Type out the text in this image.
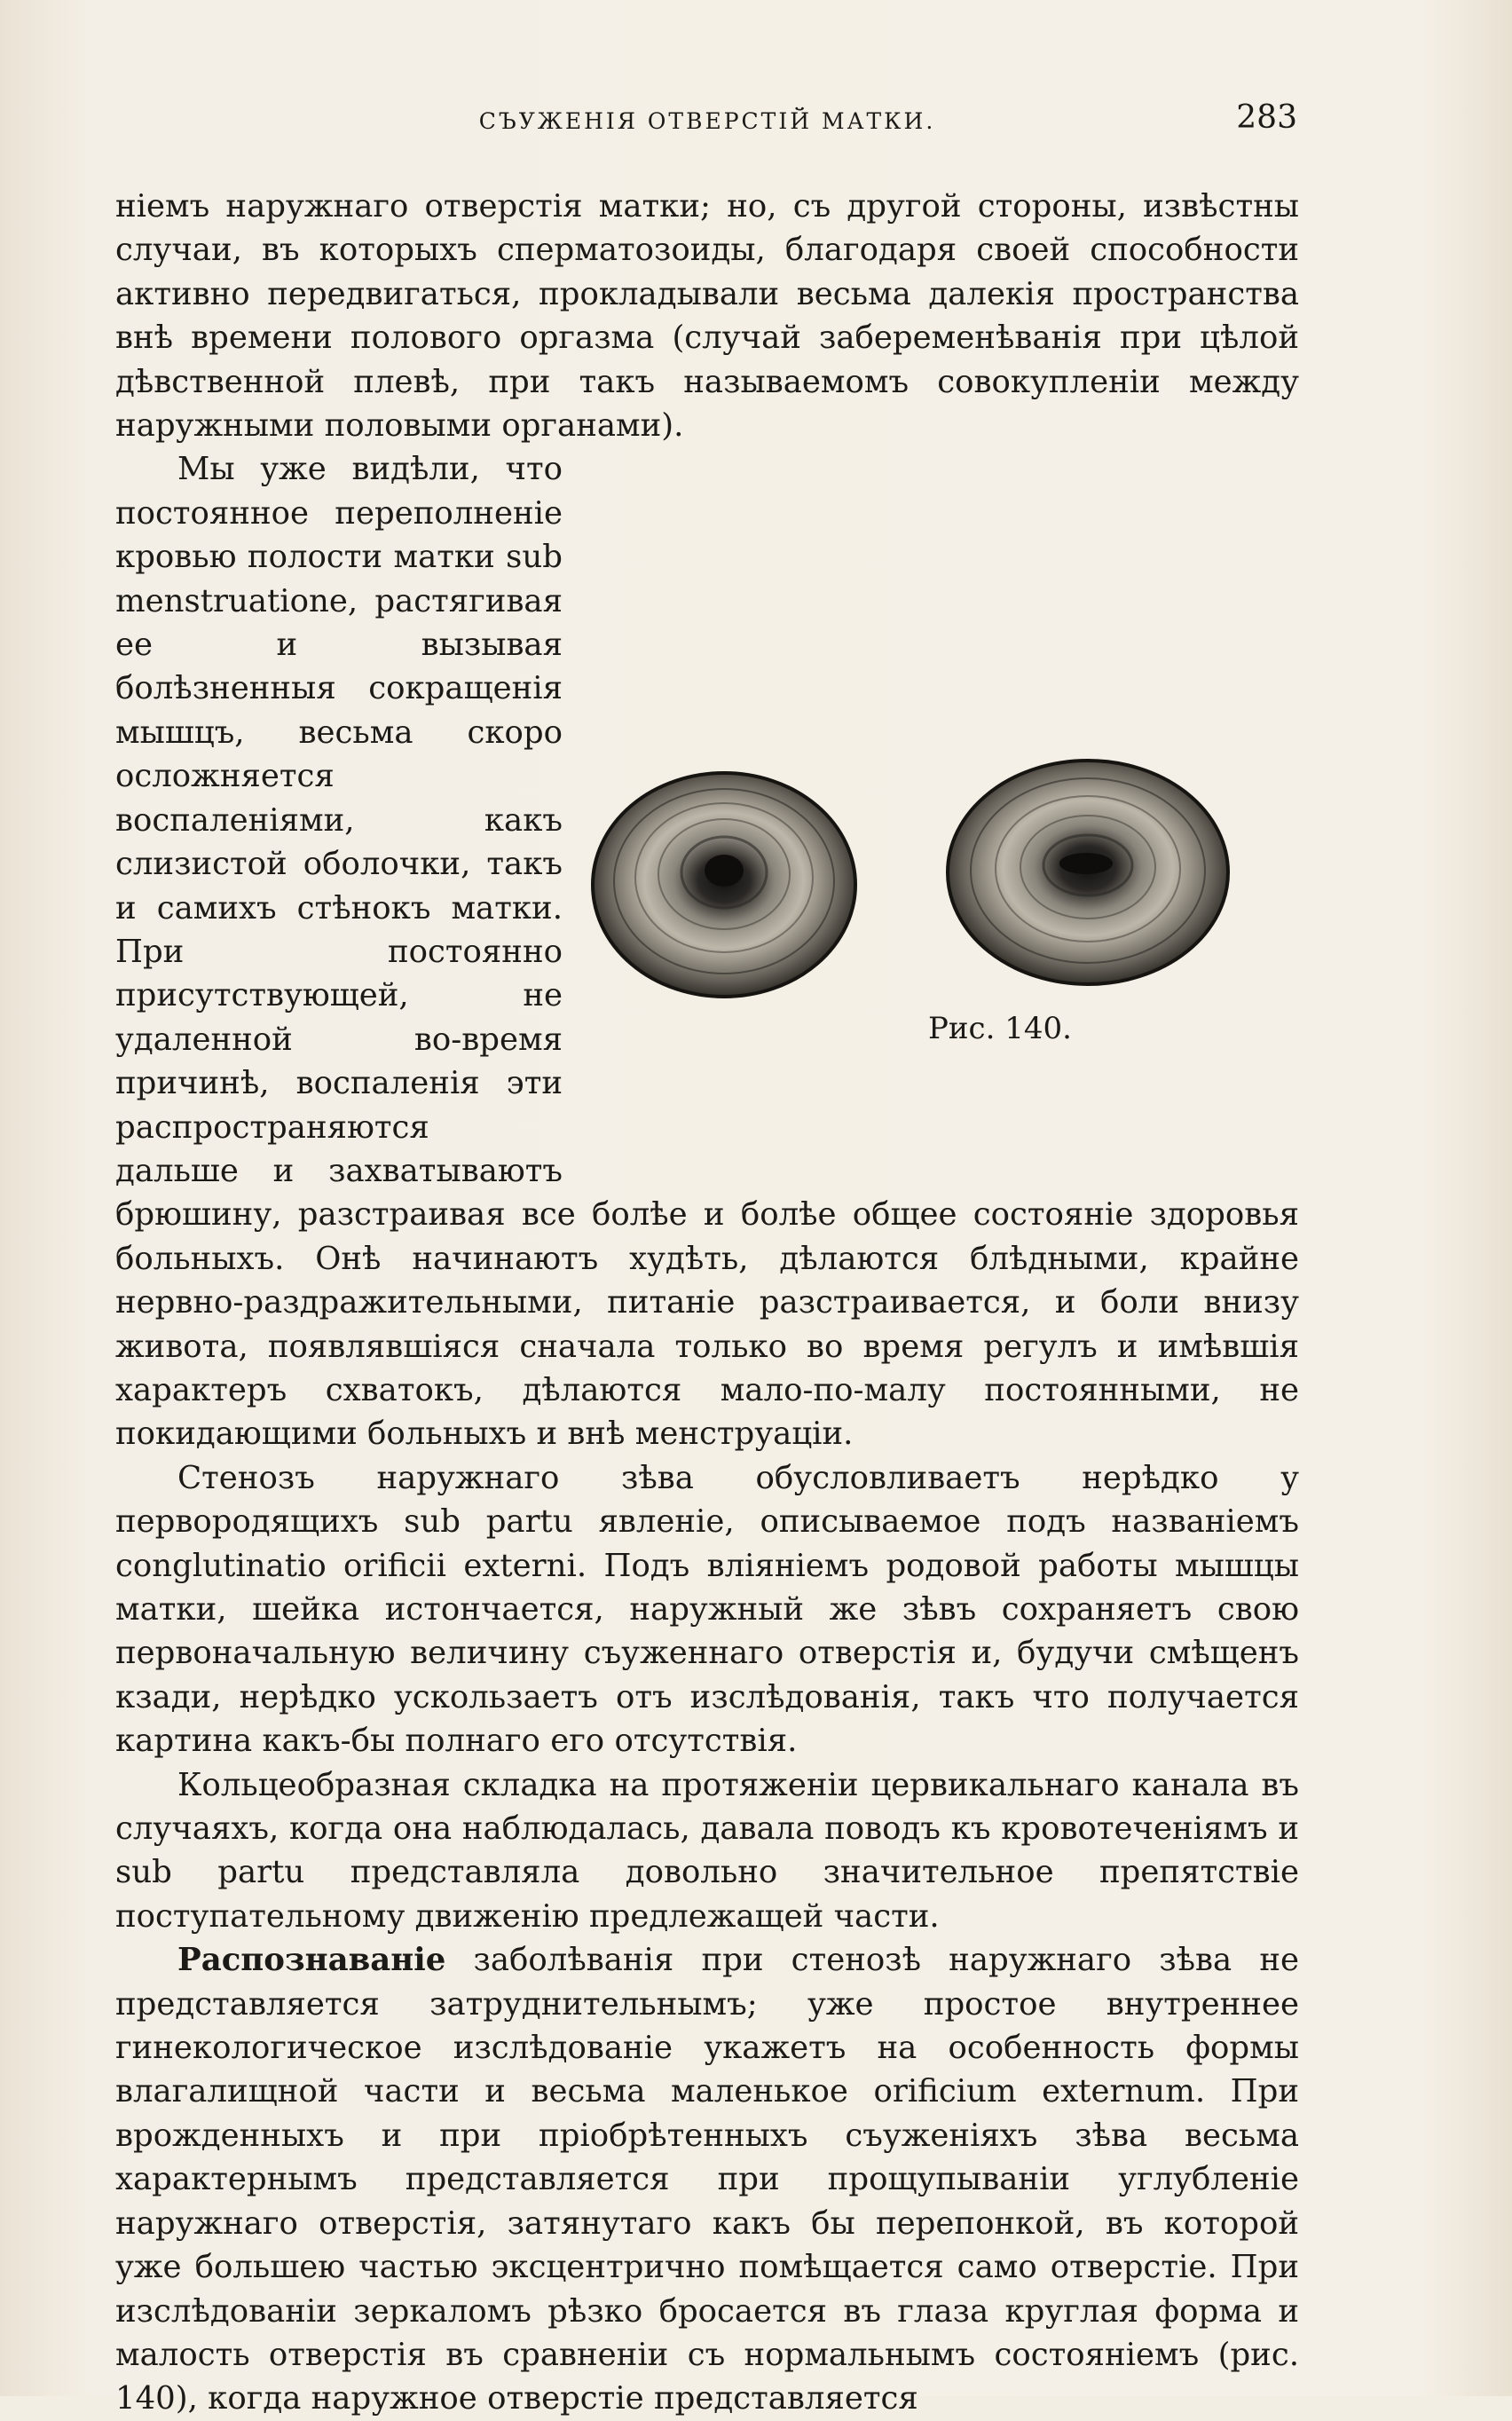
СЪУЖЕНІЯ ОТВЕРСТІЙ МАТКИ.	283

ніемъ наружнаго отверстія матки; но, съ другой стороны, извѣстны случаи, въ которыхъ сперматозоиды, благодаря своей способности активно передвигаться, прокладывали весьма далекія пространства внѣ времени полового оргазма (случай забеременѣванія при цѣлой дѣвственной плевѣ, при такъ называемомъ совокупленіи между наружными половыми органами).

Рис. 140.
Мы уже видѣли, что постоянное переполненіе кровью полости матки sub menstruatione, растягивая ее и вызывая болѣзненныя сокращенія мышцъ, весьма скоро осложняется воспаленіями, какъ слизистой оболочки, такъ и самихъ стѣнокъ матки. При постоянно присутствующей, не удаленной во-время причинѣ, воспаленія эти распространяются дальше и захватываютъ брюшину, разстраивая все болѣе и болѣе общее состояніе здоровья больныхъ. Онѣ начинаютъ худѣть, дѣлаются блѣдными, крайне нервно-раздражительными, питаніе разстраивается, и боли внизу живота, появлявшіяся сначала только во время регулъ и имѣвшія характеръ схватокъ, дѣлаются мало-по-малу постоянными, не покидающими больныхъ и внѣ менструаціи.

Стенозъ наружнаго зѣва обусловливаетъ нерѣдко у первородящихъ sub partu явленіе, описываемое подъ названіемъ conglutinatio orificii externi. Подъ вліяніемъ родовой работы мышцы матки, шейка истончается, наружный же зѣвъ сохраняетъ свою первоначальную величину съуженнаго отверстія и, будучи смѣщенъ кзади, нерѣдко ускользаетъ отъ изслѣдованія, такъ что получается картина какъ-бы полнаго его отсутствія.

Кольцеобразная складка на протяженіи цервикальнаго канала въ случаяхъ, когда она наблюдалась, давала поводъ къ кровотеченіямъ и sub partu представляла довольно значительное препятствіе поступательному движенію предлежащей части.

Распознаваніе заболѣванія при стенозѣ наружнаго зѣва не представляется затруднительнымъ; уже простое внутреннее гинекологическое изслѣдованіе укажетъ на особенность формы влагалищной части и весьма маленькое orificium externum. При врожденныхъ и при пріобрѣтенныхъ съуженіяхъ зѣва весьма характернымъ представляется при прощупываніи углубленіе наружнаго отверстія, затянутаго какъ бы перепонкой, въ которой уже большею частью эксцентрично помѣщается само отверстіе. При изслѣдованіи зеркаломъ рѣзко бросается въ глаза круглая форма и малость отверстія въ сравненіи съ нормальнымъ состояніемъ (рис. 140), когда наружное отверстіе представляется
